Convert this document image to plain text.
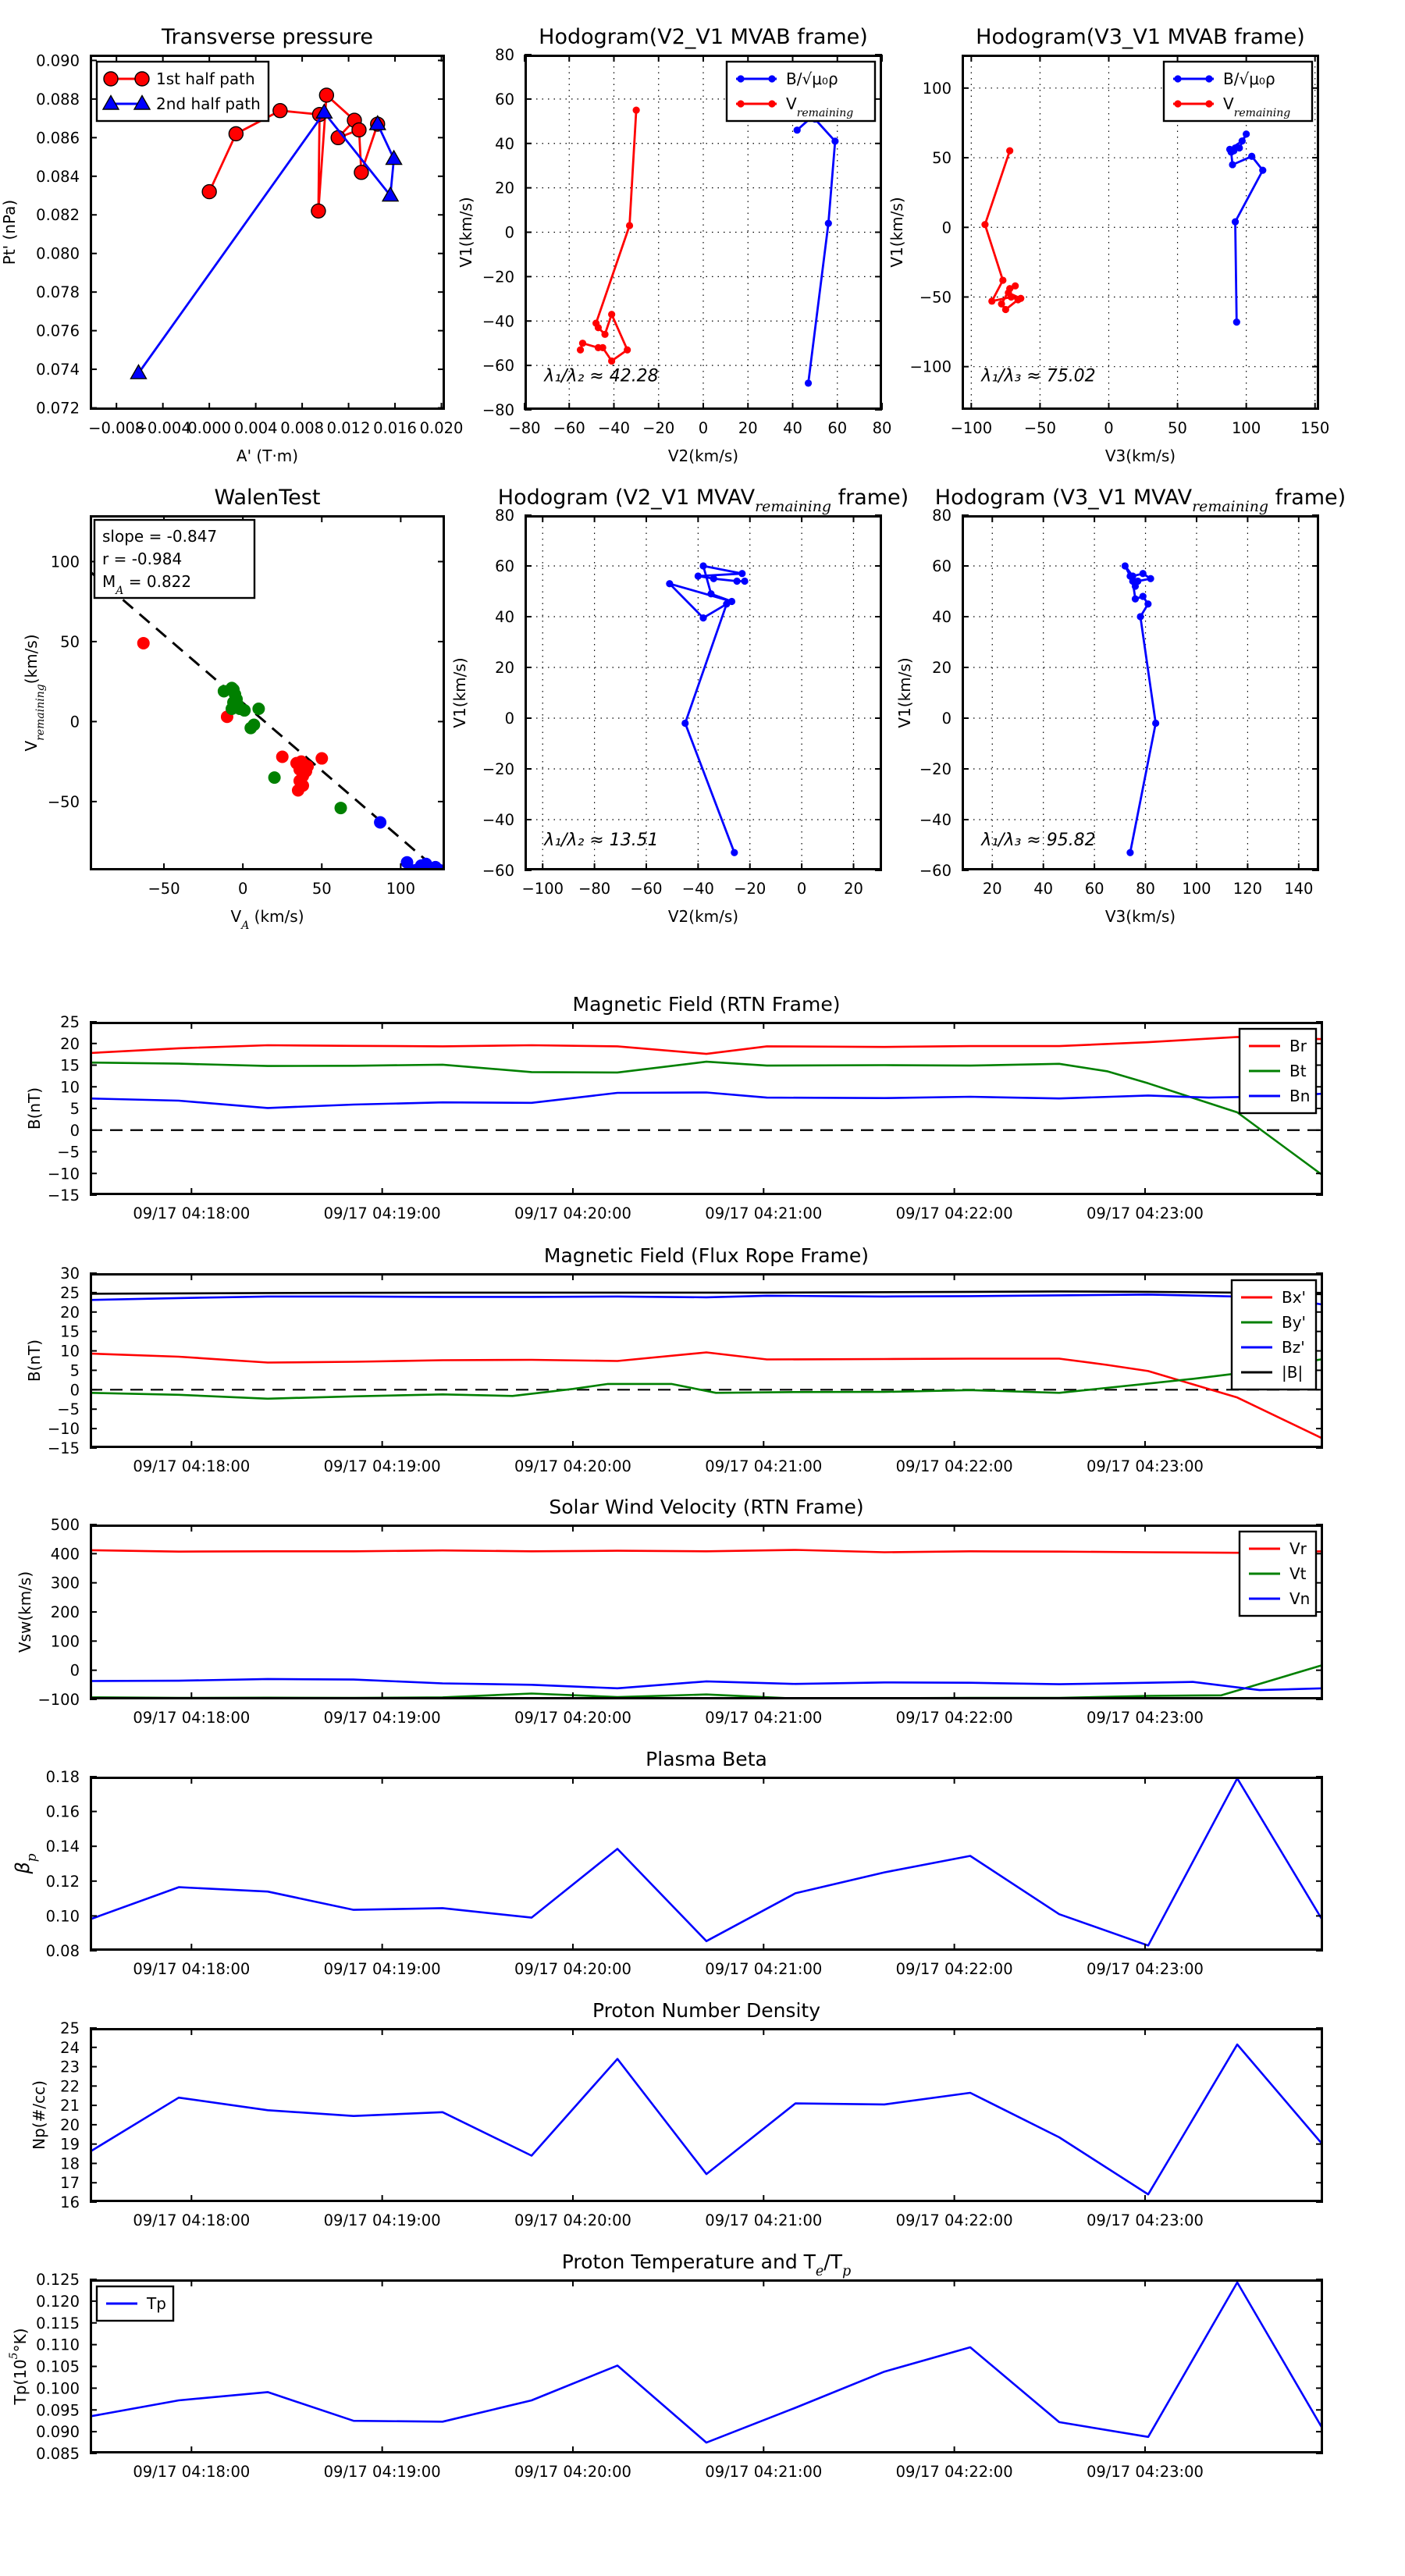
−0.008
−0.004
0.000 0.004 0.008 0.012 0.016 0.020
0.072
0.074
0.076
0.078
0.080
0.082
0.084
0.086
0.088
0.090
Transverse pressure
A' (T·m)
Pt' (nPa)
1st half path
2nd half path
−80 −60 −40 −20 0 20 40 60 80
−80
−60
−40
−20
0
20
40
60
80
Hodogram(V2_V1 MVAB frame)
V2(km/s)
V1(km/s)
λ₁/λ₂ ≈ 42.28
B/√μ₀ρ
$V_{remaining}$
−100 −50	0	50	100	150
−100
−50
0
50
100
Hodogram(V3_V1 MVAB frame)
V3(km/s)
V1(km/s)
λ₁/λ₃ ≈ 75.02
B/√μ₀ρ
$V_{remaining}$
−50	0	50	100
−50
0
50
100
WalenTest
$V_A$ (km/s)
$V_{remaining}(km/s)$
slope = -0.847
r = -0.984
$M_A = 0.822$
−100 −80 −60 −40 −20 0 20
−60
−40
−20
0
20
40
60
80
Hodogram (V2_V1 $MVAV_{remaining}$ frame)
V2(km/s)
V1(km/s)
λ₁/λ₂ ≈ 13.51
20 40 60 80 100 120 140
−60
−40
−20
0
20
40
60
80
Hodogram (V3_V1 $MVAV_{remaining}$ frame)
V3(km/s)
V1(km/s)
λ₁/λ₃ ≈ 95.82
09/17 04:18:00	09/17 04:19:00	09/17 04:20:00	09/17 04:21:00	09/17 04:22:00	09/17 04:23:00
−15
−10
−5
0
5
10
15
20
25
Magnetic Field (RTN Frame)
B(nT)
Br
Bt
Bn
09/17 04:18:00	09/17 04:19:00	09/17 04:20:00	09/17 04:21:00	09/17 04:22:00	09/17 04:23:00
−15
−10
−5
0
5
10
15
20
25
30
Magnetic Field (Flux Rope Frame)
B(nT)
Bx'
By'
Bz'
|B|
09/17 04:18:00	09/17 04:19:00	09/17 04:20:00	09/17 04:21:00	09/17 04:22:00	09/17 04:23:00
−100
0
100
200
300
400
500
Solar Wind Velocity (RTN Frame)
Vsw(km/s)
Vr
Vt
Vn
09/17 04:18:00	09/17 04:19:00	09/17 04:20:00	09/17 04:21:00	09/17 04:22:00	09/17 04:23:00
0.08
0.10
0.12
0.14
0.16
0.18
Plasma Beta
$\beta_p$
09/17 04:18:00	09/17 04:19:00	09/17 04:20:00	09/17 04:21:00	09/17 04:22:00	09/17 04:23:00
16
17
18
19
20
21
22
23
24
25
Proton Number Density
Np(#/cc)
09/17 04:18:00	09/17 04:19:00	09/17 04:20:00	09/17 04:21:00	09/17 04:22:00	09/17 04:23:00
0.085
0.090
0.095
0.100
0.105
0.110
0.115
0.120
0.125
Proton Temperature and $T_e/T_p$
$Tp(10^5^\circ K)$
Tp
